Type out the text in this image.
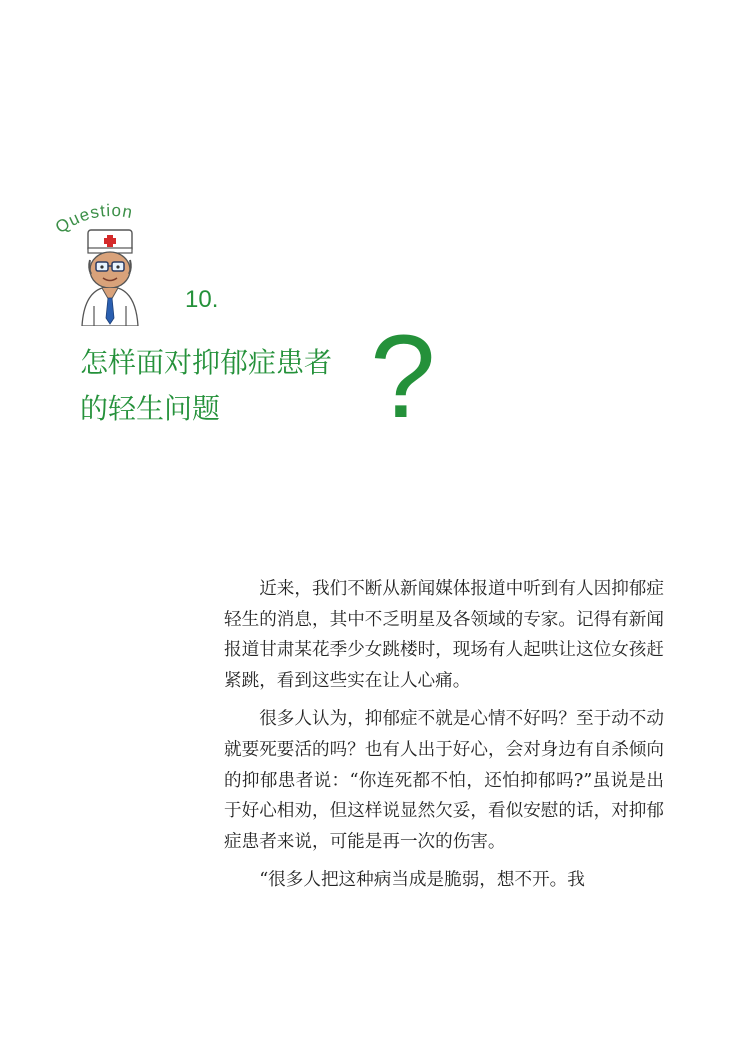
Question
10.
怎样面对抑郁症患者
的轻生问题	?

近来，我们不断从新闻媒体报道中听到有人因抑郁症轻生的消息，其中不乏明星及各领域的专家。记得有新闻报道甘肃某花季少女跳楼时，现场有人起哄让这位女孩赶紧跳，看到这些实在让人心痛。

很多人认为，抑郁症不就是心情不好吗？至于动不动就要死要活的吗？也有人出于好心，会对身边有自杀倾向的抑郁患者说：“你连死都不怕，还怕抑郁吗?”虽说是出于好心相劝，但这样说显然欠妥，看似安慰的话，对抑郁症患者来说，可能是再一次的伤害。

“很多人把这种病当成是脆弱，想不开。我
